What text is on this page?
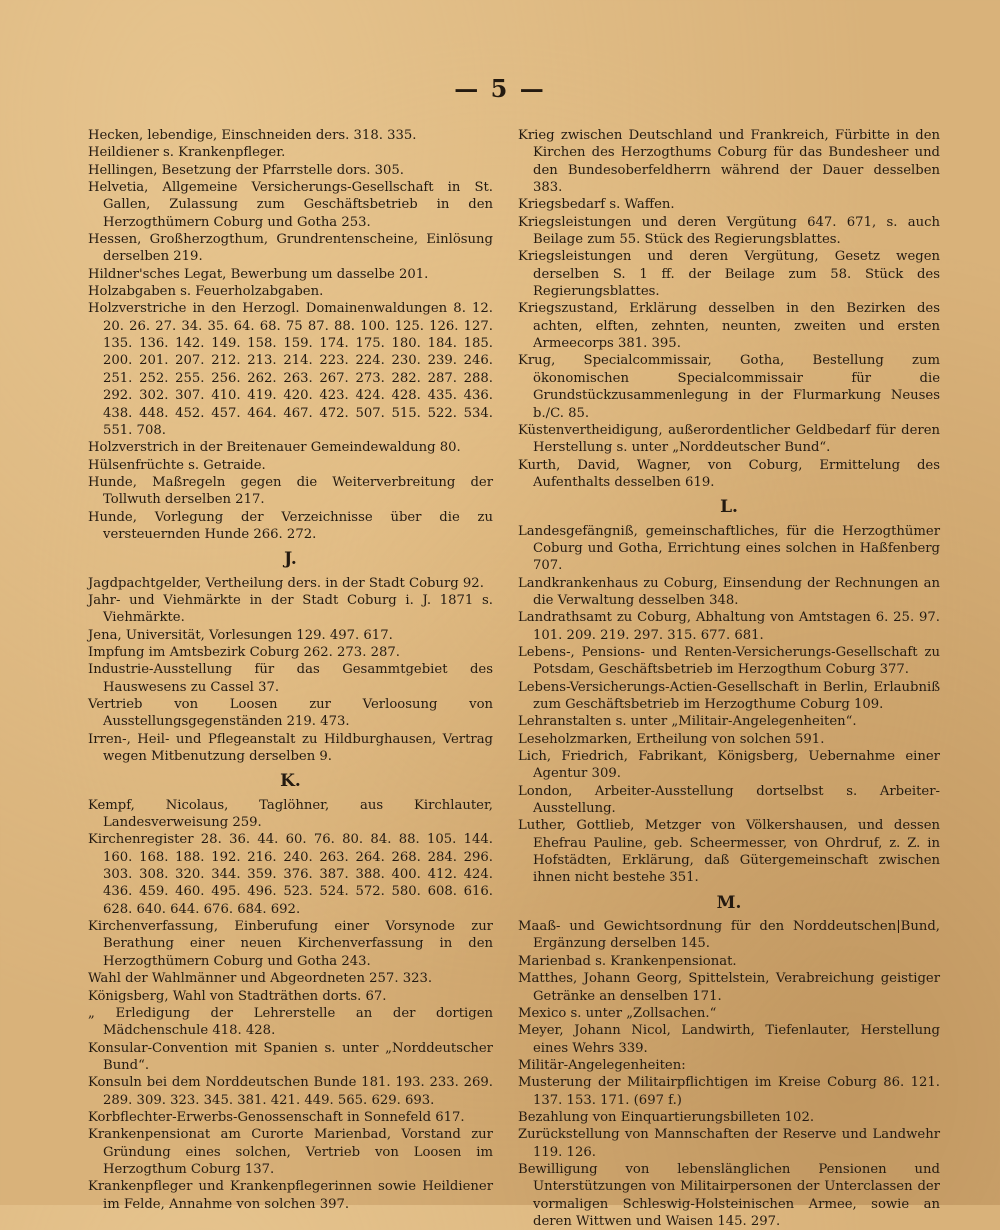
— 5 —

Hecken, lebendige, Einschneiden ders. 318. 335.

Heildiener s. Krankenpfleger.

Hellingen, Besetzung der Pfarrstelle dors. 305.

Helvetia, Allgemeine Versicherungs-Gesellschaft in St. Gallen, Zulassung zum Geschäftsbetrieb in den Herzogthümern Coburg und Gotha 253.

Hessen, Großherzogthum, Grundrentenscheine, Einlösung derselben 219.

Hildner'sches Legat, Bewerbung um dasselbe 201.

Holzabgaben s. Feuerholzabgaben.

Holzverstriche in den Herzogl. Domainenwaldungen 8. 12. 20. 26. 27. 34. 35. 64. 68. 75 87. 88. 100. 125. 126. 127. 135. 136. 142. 149. 158. 159. 174. 175. 180. 184. 185. 200. 201. 207. 212. 213. 214. 223. 224. 230. 239. 246. 251. 252. 255. 256. 262. 263. 267. 273. 282. 287. 288. 292. 302. 307. 410. 419. 420. 423. 424. 428. 435. 436. 438. 448. 452. 457. 464. 467. 472. 507. 515. 522. 534. 551. 708.

Holzverstrich in der Breitenauer Gemeindewaldung 80.

Hülsenfrüchte s. Getraide.

Hunde, Maßregeln gegen die Weiterverbreitung der Tollwuth derselben 217.

Hunde, Vorlegung der Verzeichnisse über die zu versteuernden Hunde 266. 272.

J.

Jagdpachtgelder, Vertheilung ders. in der Stadt Coburg 92.

Jahr- und Viehmärkte in der Stadt Coburg i. J. 1871 s. Viehmärkte.

Jena, Universität, Vorlesungen 129. 497. 617.

Impfung im Amtsbezirk Coburg 262. 273. 287.

Industrie-Ausstellung für das Gesammtgebiet des Hauswesens zu Cassel 37.

Vertrieb von Loosen zur Verloosung von Ausstellungsgegenständen 219. 473.

Irren-, Heil- und Pflegeanstalt zu Hildburghausen, Vertrag wegen Mitbenutzung derselben 9.

K.

Kempf, Nicolaus, Taglöhner, aus Kirchlauter, Landesverweisung 259.

Kirchenregister 28. 36. 44. 60. 76. 80. 84. 88. 105. 144. 160. 168. 188. 192. 216. 240. 263. 264. 268. 284. 296. 303. 308. 320. 344. 359. 376. 387. 388. 400. 412. 424. 436. 459. 460. 495. 496. 523. 524. 572. 580. 608. 616. 628. 640. 644. 676. 684. 692.

Kirchenverfassung, Einberufung einer Vorsynode zur Berathung einer neuen Kirchenverfassung in den Herzogthümern Coburg und Gotha 243.

Wahl der Wahlmänner und Abgeordneten 257. 323.

Königsberg, Wahl von Stadträthen dorts. 67.

„ Erledigung der Lehrerstelle an der dortigen Mädchenschule 418. 428.

Konsular-Convention mit Spanien s. unter „Norddeutscher Bund“.

Konsuln bei dem Norddeutschen Bunde 181. 193. 233. 269. 289. 309. 323. 345. 381. 421. 449. 565. 629. 693.

Korbflechter-Erwerbs-Genossenschaft in Sonnefeld 617.

Krankenpensionat am Curorte Marienbad, Vorstand zur Gründung eines solchen, Vertrieb von Loosen im Herzogthum Coburg 137.

Krankenpfleger und Krankenpflegerinnen sowie Heildiener im Felde, Annahme von solchen 397.

Krieg zwischen Deutschland und Frankreich, Fürbitte in den Kirchen des Herzogthums Coburg für das Bundesheer und den Bundesoberfeldherrn während der Dauer desselben 383.

Kriegsbedarf s. Waffen.

Kriegsleistungen und deren Vergütung 647. 671, s. auch Beilage zum 55. Stück des Regierungsblattes.

Kriegsleistungen und deren Vergütung, Gesetz wegen derselben S. 1 ff. der Beilage zum 58. Stück des Regierungsblattes.

Kriegszustand, Erklärung desselben in den Bezirken des achten, elften, zehnten, neunten, zweiten und ersten Armeecorps 381. 395.

Krug, Specialcommissair, Gotha, Bestellung zum ökonomischen Specialcommissair für die Grundstückzusammenlegung in der Flurmarkung Neuses b./C. 85.

Küstenvertheidigung, außerordentlicher Geldbedarf für deren Herstellung s. unter „Norddeutscher Bund“.

Kurth, David, Wagner, von Coburg, Ermittelung des Aufenthalts desselben 619.

L.

Landesgefängniß, gemeinschaftliches, für die Herzogthümer Coburg und Gotha, Errichtung eines solchen in Haßfenberg 707.

Landkrankenhaus zu Coburg, Einsendung der Rechnungen an die Verwaltung desselben 348.

Landrathsamt zu Coburg, Abhaltung von Amtstagen 6. 25. 97. 101. 209. 219. 297. 315. 677. 681.

Lebens-, Pensions- und Renten-Versicherungs-Gesellschaft zu Potsdam, Geschäftsbetrieb im Herzogthum Coburg 377.

Lebens-Versicherungs-Actien-Gesellschaft in Berlin, Erlaubniß zum Geschäftsbetrieb im Herzogthume Coburg 109.

Lehranstalten s. unter „Militair-Angelegenheiten“.

Leseholzmarken, Ertheilung von solchen 591.

Lich, Friedrich, Fabrikant, Königsberg, Uebernahme einer Agentur 309.

London, Arbeiter-Ausstellung dortselbst s. Arbeiter-Ausstellung.

Luther, Gottlieb, Metzger von Völkershausen, und dessen Ehefrau Pauline, geb. Scheermesser, von Ohrdruf, z. Z. in Hofstädten, Erklärung, daß Gütergemeinschaft zwischen ihnen nicht bestehe 351.

M.

Maaß- und Gewichtsordnung für den Norddeutschen|Bund, Ergänzung derselben 145.

Marienbad s. Krankenpensionat.

Matthes, Johann Georg, Spittelstein, Verabreichung geistiger Getränke an denselben 171.

Mexico s. unter „Zollsachen.“

Meyer, Johann Nicol, Landwirth, Tiefenlauter, Herstellung eines Wehrs 339.

Militär-Angelegenheiten:

Musterung der Militairpflichtigen im Kreise Coburg 86. 121. 137. 153. 171. (697 f.)

Bezahlung von Einquartierungsbilleten 102.

Zurückstellung von Mannschaften der Reserve und Landwehr 119. 126.

Bewilligung von lebenslänglichen Pensionen und Unterstützungen von Militairpersonen der Unterclassen der vormaligen Schleswig-Holsteinischen Armee, sowie an deren Wittwen und Waisen 145. 297.
